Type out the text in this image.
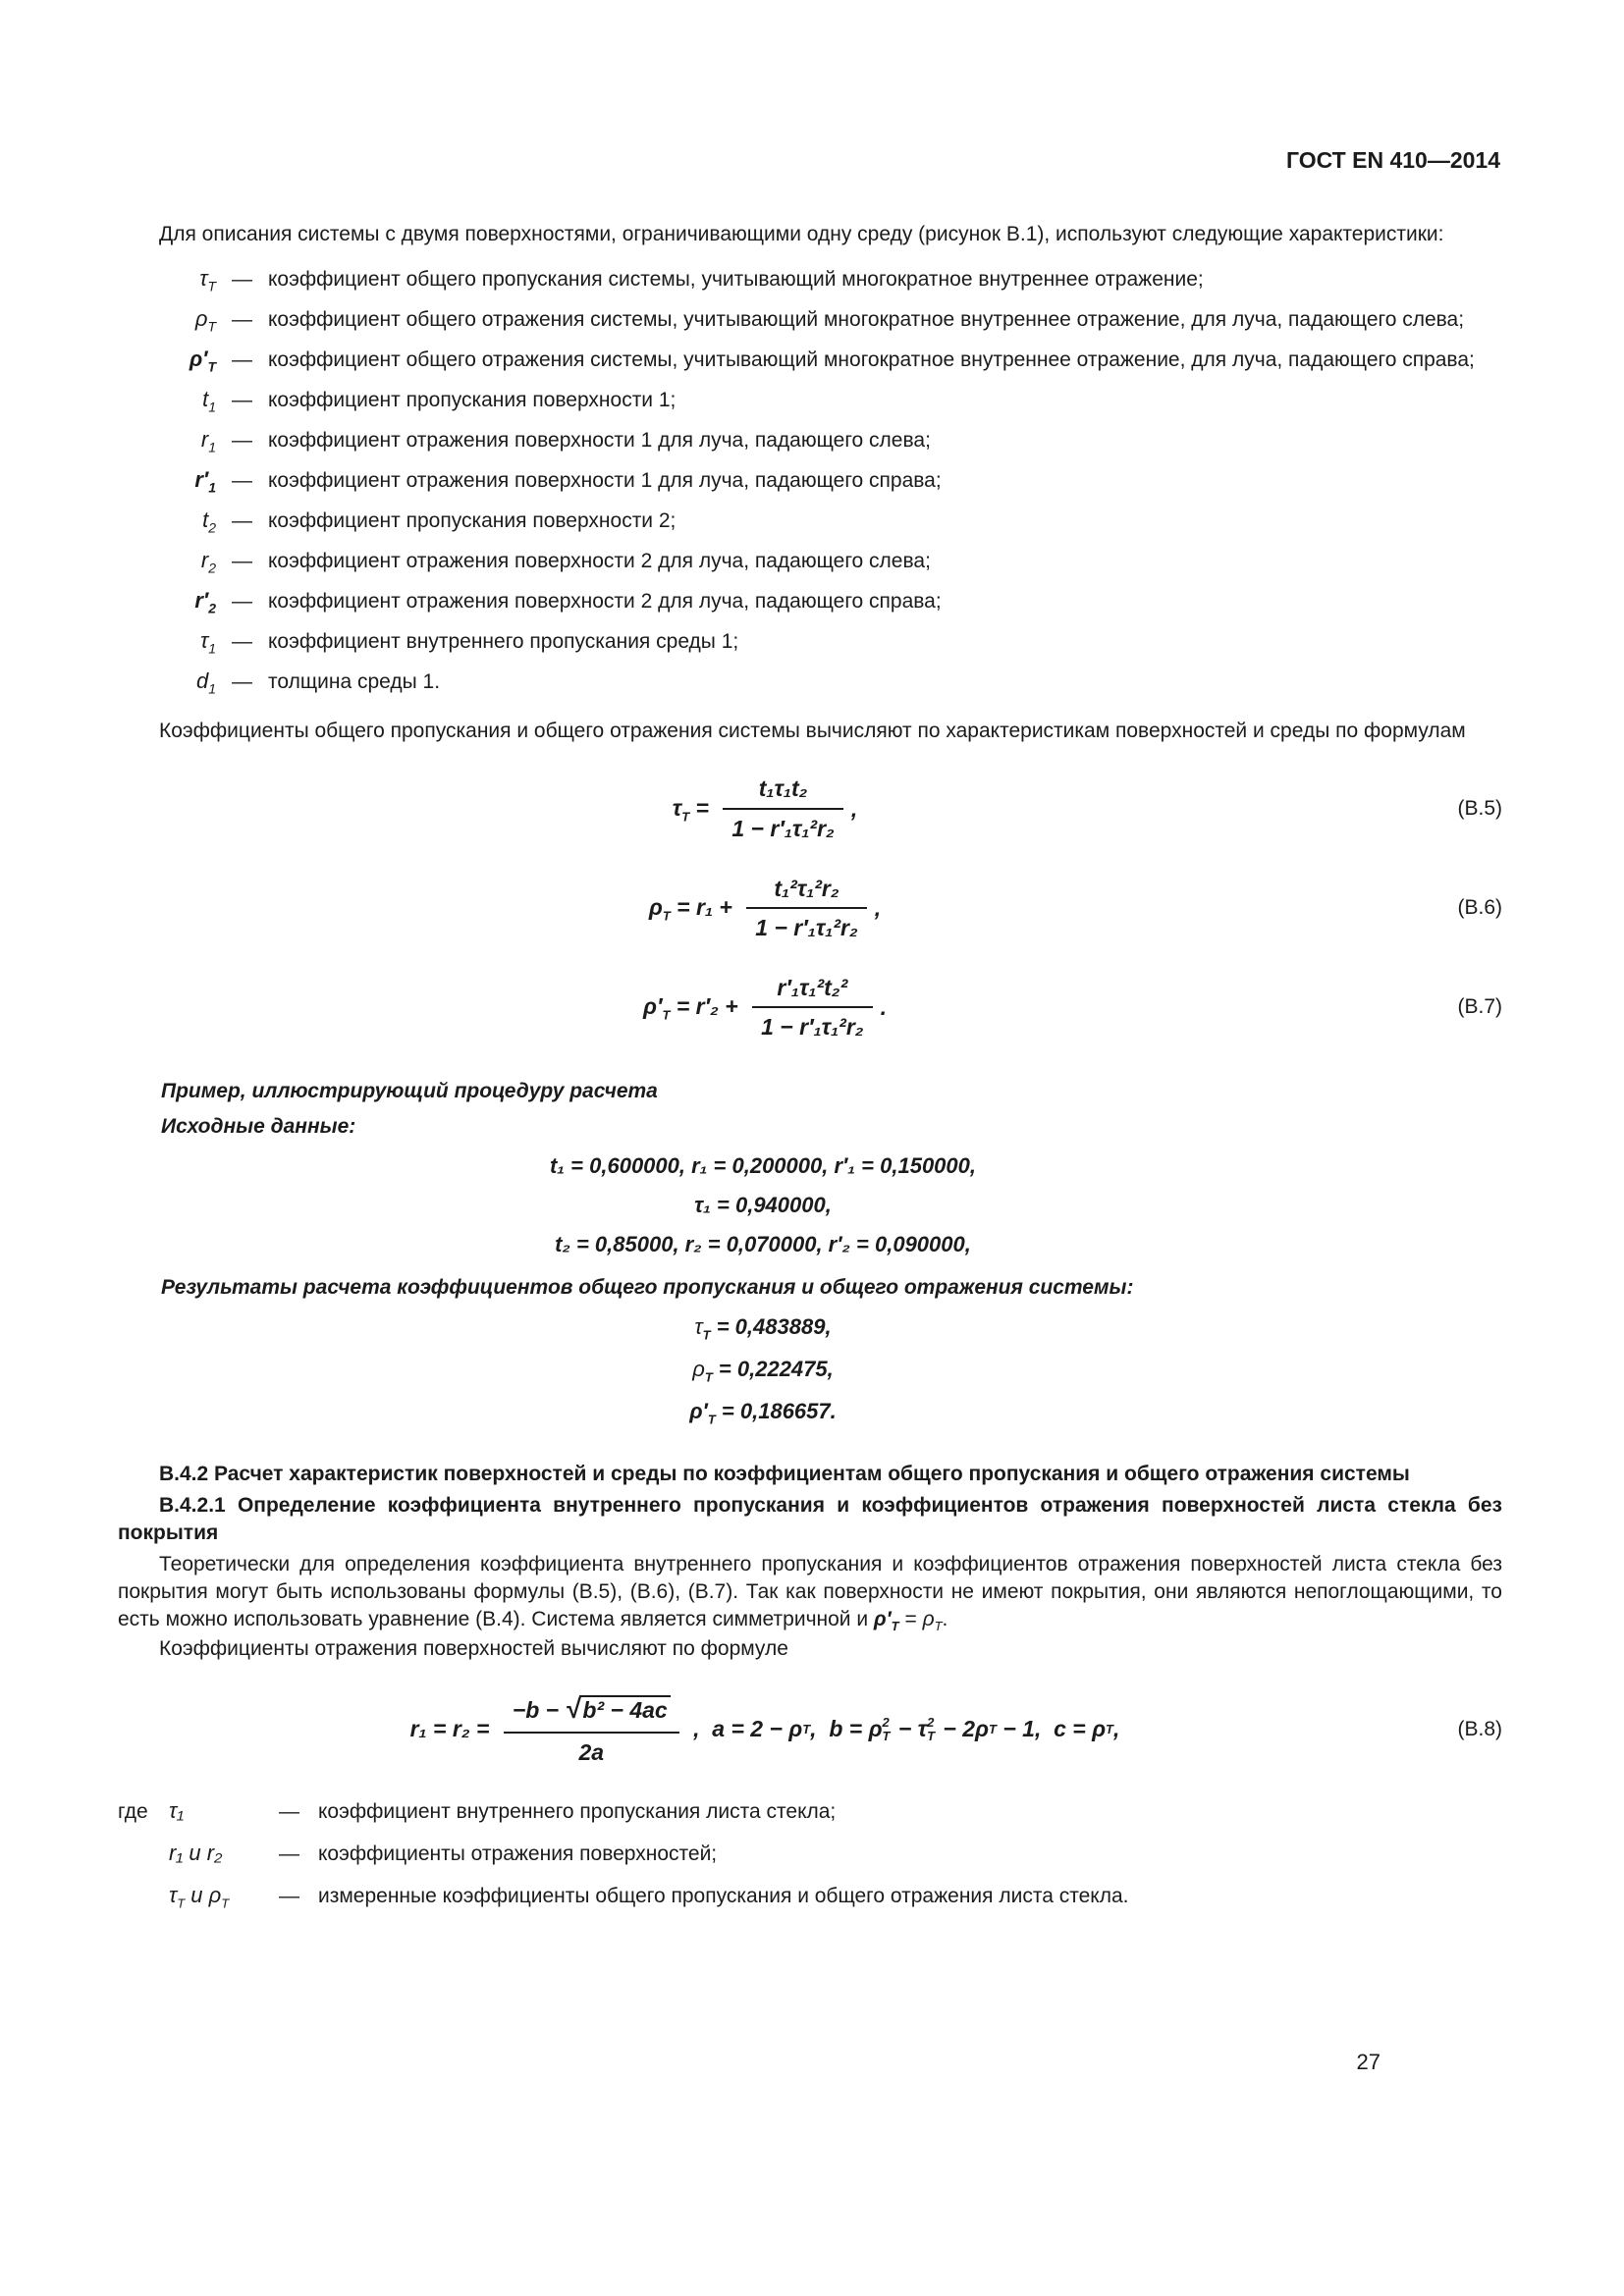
ГОСТ EN 410—2014

Для описания системы с двумя поверхностями, ограничивающими одну среду (рисунок В.1), используют следующие характеристики:

$\tau_T$ — коэффициент общего пропускания системы, учитывающий многократное внутреннее отражение;
$\rho_T$ — коэффициент общего отражения системы, учитывающий многократное внутреннее отражение, для луча, падающего слева;
$\rho'_T$ — коэффициент общего отражения системы, учитывающий многократное внутреннее отражение, для луча, падающего справа;
$t_1$ — коэффициент пропускания поверхности 1;
$r_1$ — коэффициент отражения поверхности 1 для луча, падающего слева;
$r'_1$ — коэффициент отражения поверхности 1 для луча, падающего справа;
$t_2$ — коэффициент пропускания поверхности 2;
$r_2$ — коэффициент отражения поверхности 2 для луча, падающего слева;
$r'_2$ — коэффициент отражения поверхности 2 для луча, падающего справа;
$\tau_1$ — коэффициент внутреннего пропускания среды 1;
$d_1$ — толщина среды 1.

Коэффициенты общего пропускания и общего отражения системы вычисляют по характеристикам поверхностей и среды по формулам

$\tau_T = \frac{\text{t₁τ₁t₂}}{\text{1 − r′₁τ₁²r₂}}$ ,	(В.5)
$\rho_T = r_1 + \frac{\text{t₁²τ₁²r₂}}{\text{1 − r′₁τ₁²r₂}}$ ,	(В.6)
$\rho'_T = r'_2 + \frac{\text{r′₁τ₁²t₂²}}{\text{1 − r′₁τ₁²r₂}}$ .	(В.7)
Пример, иллюстрирующий процедуру расчета
Исходные данные:
t₁ = 0,600000, r₁ = 0,200000, r′₁ = 0,150000,
τ₁ = 0,940000,
t₂ = 0,85000, r₂ = 0,070000, r′₂ = 0,090000,
Результаты расчета коэффициентов общего пропускания и общего отражения системы:
$\tau_T = 0,483889$,
$\rho_T = 0,222475$,
$\rho'_T = 0,186657$.

В.4.2 Расчет характеристик поверхностей и среды по коэффициентам общего пропускания и общего отражения системы

В.4.2.1 Определение коэффициента внутреннего пропускания и коэффициентов отражения поверхностей листа стекла без покрытия

Теоретически для определения коэффициента внутреннего пропускания и коэффициентов отражения поверхностей листа стекла без покрытия могут быть использованы формулы (В.5), (В.6), (В.7). Так как поверхности не имеют покрытия, они являются непоглощающими, то есть можно использовать уравнение (В.4). Система является симметричной и $\rho'_T = \rho_T$.

Коэффициенты отражения поверхностей вычисляют по формуле

$r_1 = r_2 = \frac{\text{−b − √ b² − 4ac}}{2a}$ , a = 2 − ρ T ,  b = ρ 2
T − τ 2
T − 2ρ T − 1,  c = ρ T ,	(В.8)
где τ₁	— коэффициент внутреннего пропускания листа стекла;
r₁ и r₂	— коэффициенты отражения поверхностей;
$\tau_T$ и $\rho_T$	— измеренные коэффициенты общего пропускания и общего отражения листа стекла.
27
